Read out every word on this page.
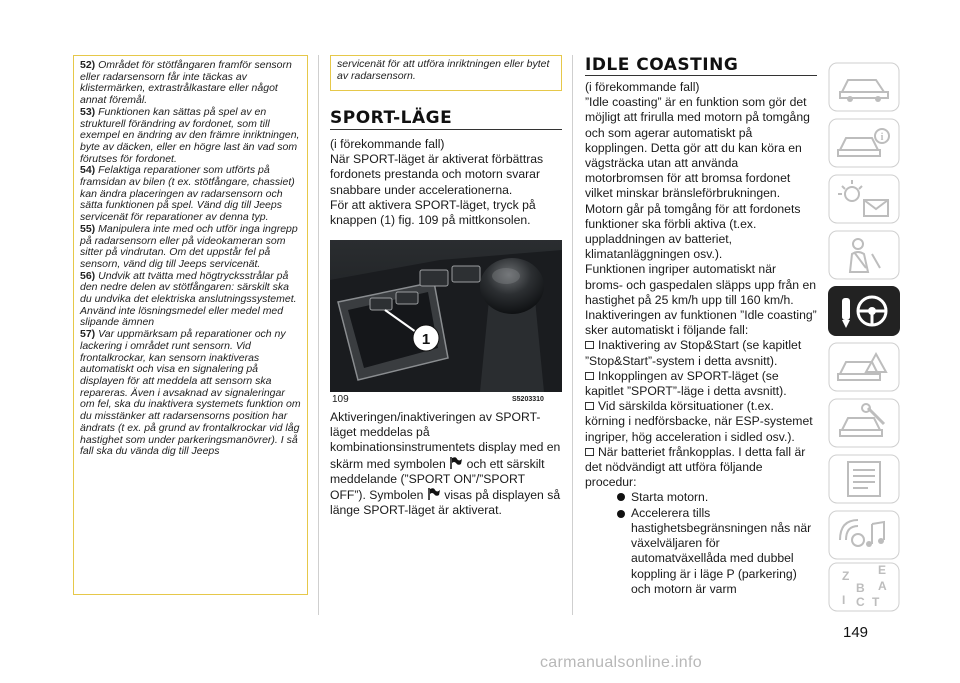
52) Området för stötfångaren framför sensorn eller radarsensorn får inte täckas av klistermärken, extrastrålkastare eller något annat föremål.

53) Funktionen kan sättas på spel av en strukturell förändring av fordonet, som till exempel en ändring av den främre inriktningen, byte av däcken, eller en högre last än vad som förutses för fordonet.

54) Felaktiga reparationer som utförts på framsidan av bilen (t ex. stötfångare, chassiet) kan ändra placeringen av radarsensorn och sätta funktionen på spel. Vänd dig till Jeeps servicenät för reparationer av denna typ.

55) Manipulera inte med och utför inga ingrepp på radarsensorn eller på videokameran som sitter på vindrutan. Om det uppstår fel på sensorn, vänd dig till Jeeps servicenät.

56) Undvik att tvätta med högtrycksstrålar på den nedre delen av stötfångaren: särskilt ska du undvika det elektriska anslutningssystemet. Använd inte lösningsmedel eller medel med slipande ämnen

57) Var uppmärksam på reparationer och ny lackering i området runt sensorn. Vid frontalkrockar, kan sensorn inaktiveras automatiskt och visa en signalering på displayen för att meddela att sensorn ska repareras. Även i avsaknad av signaleringar om fel, ska du inaktivera systemets funktion om du misstänker att radarsensorns position har ändrats (t ex. på grund av frontalkrockar vid låg hastighet som under parkeringsmanövrer). I så fall ska du vända dig till Jeeps

servicenät för att utföra inriktningen eller bytet av radarsensorn.
SPORT-LÄGE
(i förekommande fall)
När SPORT-läget är aktiverat förbättras fordonets prestanda och motorn svarar snabbare under accelerationerna.
För att aktivera SPORT-läget, tryck på knappen (1) fig. 109 på mittkonsolen.
1
109	S5203310
Aktiveringen/inaktiveringen av SPORT-läget meddelas på kombinationsinstrumentets display med en skärm med symbolen och ett särskilt meddelande (”SPORT ON”/”SPORT OFF”). Symbolen visas på displayen så länge SPORT-läget är aktiverat.
IDLE COASTING
(i förekommande fall)
”Idle coasting” är en funktion som gör det möjligt att frirulla med motorn på tomgång och som agerar automatiskt på kopplingen. Detta gör att du kan köra en vägsträcka utan att använda motorbromsen för att bromsa fordonet vilket minskar bränsleförbrukningen. Motorn går på tomgång för att fordonets funktioner ska förbli aktiva (t.ex. uppladdningen av batteriet, klimatanläggningen osv.).
Funktionen ingriper automatiskt när broms- och gaspedalen släpps upp från en hastighet på 25 km/h upp till 160 km/h.
Inaktiveringen av funktionen ”Idle coasting” sker automatiskt i följande fall:
Inaktivering av Stop&Start (se kapitlet ”Stop&Start”-system i detta avsnitt).
Inkopplingen av SPORT-läget (se kapitlet ”SPORT”-läge i detta avsnitt).
Vid särskilda körsituationer (t.ex. körning i nedförsbacke, när ESP-systemet ingriper, hög acceleration i sidled osv.).
När batteriet frånkopplas. I detta fall är det nödvändigt att utföra följande procedur:
Starta motorn.
Accelerera tills hastighetsbegränsningen nås när växelväljaren för automatväxellåda med dubbel koppling är i läge P (parkering) och motorn är varm
i
Z E
B A
I C T
149
carmanualsonline.info
